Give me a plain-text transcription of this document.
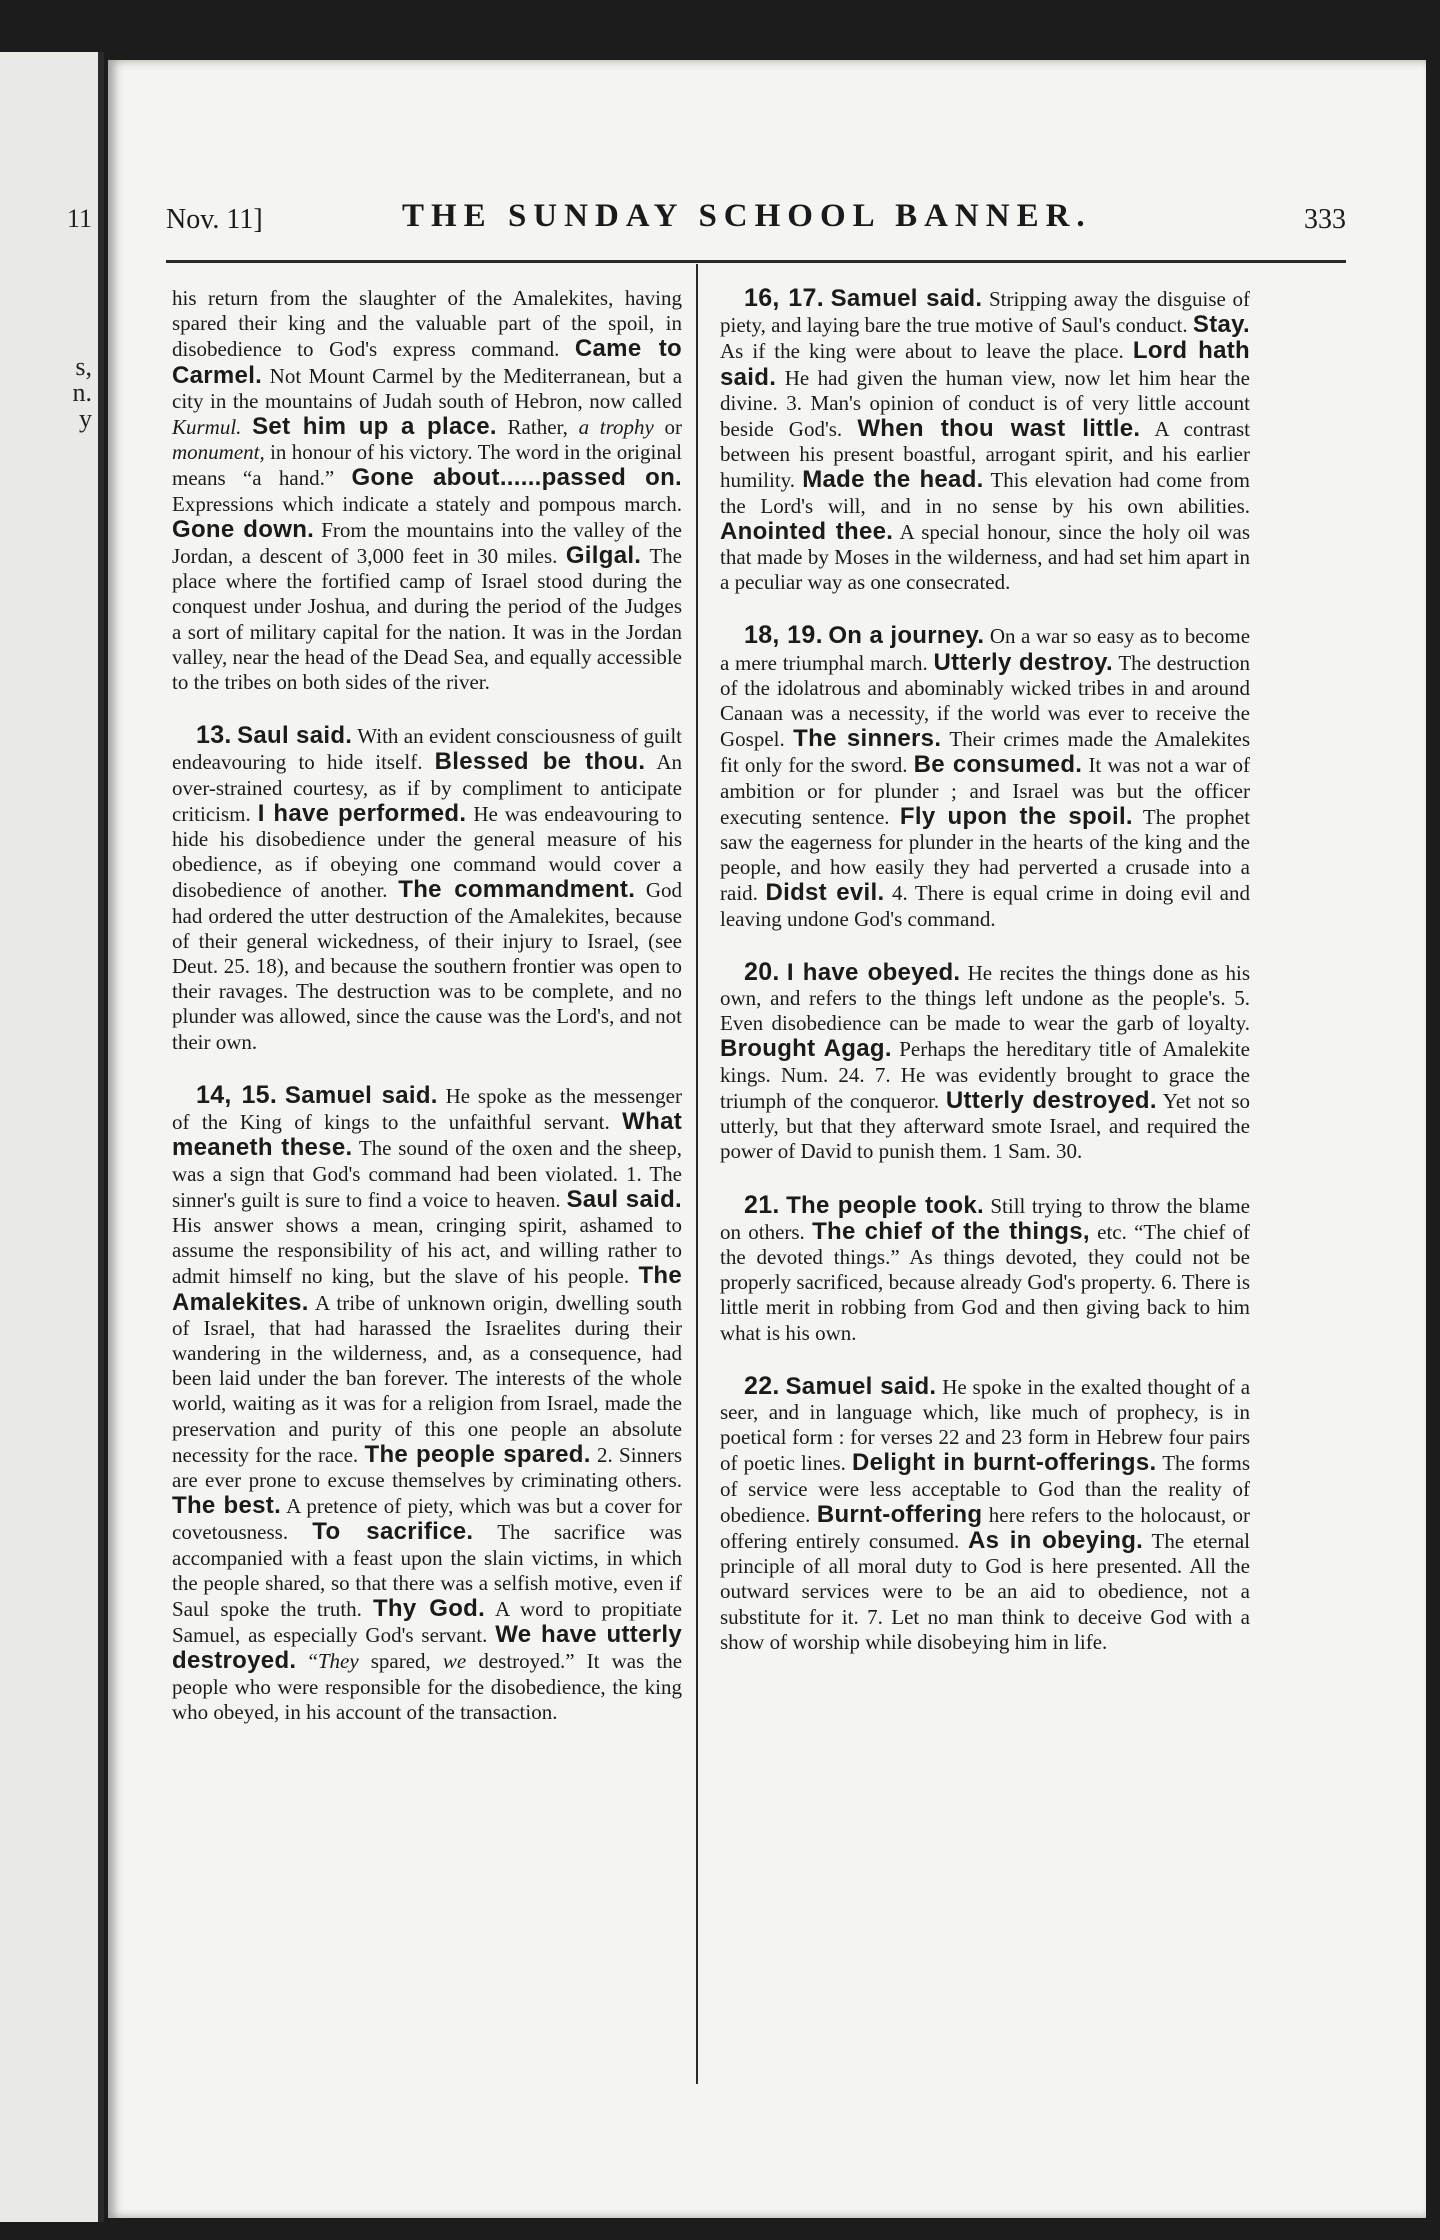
11
s,
n.
y
Nov. 11]	THE SUNDAY SCHOOL BANNER.	333

his return from the slaughter of the Amalekites, having spared their king and the valuable part of the spoil, in disobedience to God's express command. Came to Carmel. Not Mount Carmel by the Mediterranean, but a city in the mountains of Judah south of Hebron, now called Kurmul. Set him up a place. Rather, a trophy or monument, in honour of his victory. The word in the original means “a hand.” Gone about......passed on. Expressions which indicate a stately and pompous march. Gone down. From the mountains into the valley of the Jordan, a descent of 3,000 feet in 30 miles. Gilgal. The place where the fortified camp of Israel stood during the conquest under Joshua, and during the period of the Judges a sort of military capital for the nation. It was in the Jordan valley, near the head of the Dead Sea, and equally accessible to the tribes on both sides of the river.

13. Saul said. With an evident consciousness of guilt endeavouring to hide itself. Blessed be thou. An over-strained courtesy, as if by compliment to anticipate criticism. I have performed. He was endeavouring to hide his disobedience under the general measure of his obedience, as if obeying one command would cover a disobedience of another. The commandment. God had ordered the utter destruction of the Amalekites, because of their general wickedness, of their injury to Israel, (see Deut. 25. 18), and because the southern frontier was open to their ravages. The destruction was to be complete, and no plunder was allowed, since the cause was the Lord's, and not their own.

14, 15. Samuel said. He spoke as the messenger of the King of kings to the unfaithful servant. What meaneth these. The sound of the oxen and the sheep, was a sign that God's command had been violated. 1. The sinner's guilt is sure to find a voice to heaven. Saul said. His answer shows a mean, cringing spirit, ashamed to assume the responsibility of his act, and willing rather to admit himself no king, but the slave of his people. The Amalekites. A tribe of unknown origin, dwelling south of Israel, that had harassed the Israelites during their wandering in the wilderness, and, as a consequence, had been laid under the ban forever. The interests of the whole world, waiting as it was for a religion from Israel, made the preservation and purity of this one people an absolute necessity for the race. The people spared. 2. Sinners are ever prone to excuse themselves by criminating others. The best. A pretence of piety, which was but a cover for covetousness. To sacrifice. The sacrifice was accompanied with a feast upon the slain victims, in which the people shared, so that there was a selfish motive, even if Saul spoke the truth. Thy God. A word to propitiate Samuel, as especially God's servant. We have utterly destroyed. “They spared, we destroyed.” It was the people who were responsible for the disobedience, the king who obeyed, in his account of the transaction.

16, 17. Samuel said. Stripping away the disguise of piety, and laying bare the true motive of Saul's conduct. Stay. As if the king were about to leave the place. Lord hath said. He had given the human view, now let him hear the divine. 3. Man's opinion of conduct is of very little account beside God's. When thou wast little. A contrast between his present boastful, arrogant spirit, and his earlier humility. Made the head. This elevation had come from the Lord's will, and in no sense by his own abilities. Anointed thee. A special honour, since the holy oil was that made by Moses in the wilderness, and had set him apart in a peculiar way as one consecrated.

18, 19. On a journey. On a war so easy as to become a mere triumphal march. Utterly destroy. The destruction of the idolatrous and abominably wicked tribes in and around Canaan was a necessity, if the world was ever to receive the Gospel. The sinners. Their crimes made the Amalekites fit only for the sword. Be consumed. It was not a war of ambition or for plunder ; and Israel was but the officer executing sentence. Fly upon the spoil. The prophet saw the eagerness for plunder in the hearts of the king and the people, and how easily they had perverted a crusade into a raid. Didst evil. 4. There is equal crime in doing evil and leaving undone God's command.

20. I have obeyed. He recites the things done as his own, and refers to the things left undone as the people's. 5. Even disobedience can be made to wear the garb of loyalty. Brought Agag. Perhaps the hereditary title of Amalekite kings. Num. 24. 7. He was evidently brought to grace the triumph of the conqueror. Utterly destroyed. Yet not so utterly, but that they afterward smote Israel, and required the power of David to punish them. 1 Sam. 30.

21. The people took. Still trying to throw the blame on others. The chief of the things, etc. “The chief of the devoted things.” As things devoted, they could not be properly sacrificed, because already God's property. 6. There is little merit in robbing from God and then giving back to him what is his own.

22. Samuel said. He spoke in the exalted thought of a seer, and in language which, like much of prophecy, is in poetical form : for verses 22 and 23 form in Hebrew four pairs of poetic lines. Delight in burnt-offerings. The forms of service were less acceptable to God than the reality of obedience. Burnt-offering here refers to the holocaust, or offering entirely consumed. As in obeying. The eternal principle of all moral duty to God is here presented. All the outward services were to be an aid to obedience, not a substitute for it. 7. Let no man think to deceive God with a show of worship while disobeying him in life.
